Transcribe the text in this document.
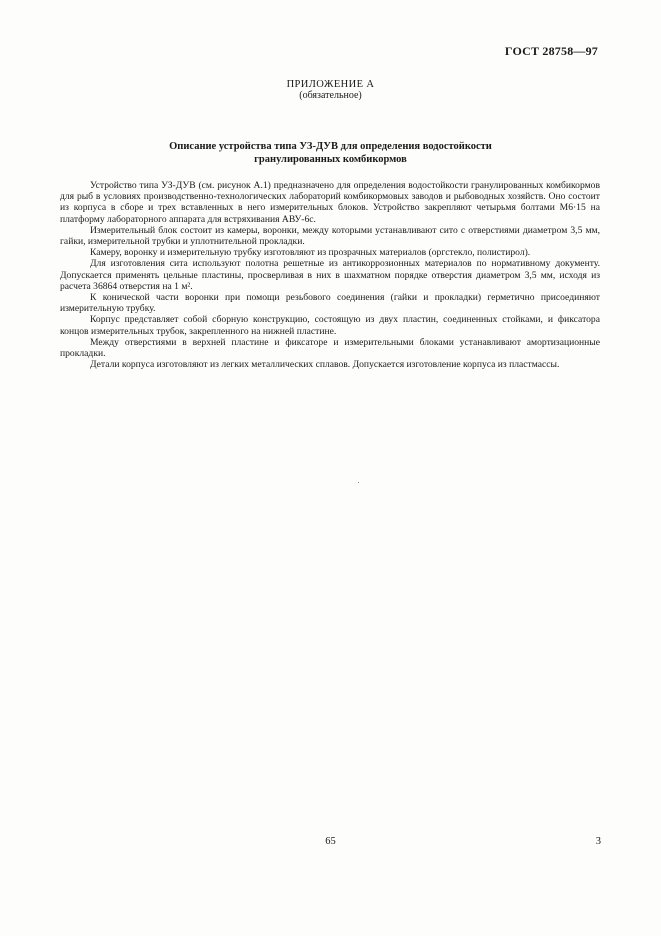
ГОСТ 28758—97
ПРИЛОЖЕНИЕ А
(обязательное)
Описание устройства типа УЗ-ДУВ для определения водостойкости
гранулированных комбикормов

Устройство типа УЗ-ДУВ (см. рисунок А.1) предназначено для определения водостойкости гранулированных комбикормов для рыб в условиях производственно-технологических лабораторий комбикормовых заводов и рыбоводных хозяйств. Оно состоит из корпуса в сборе и трех вставленных в него измерительных блоков. Устройство закрепляют четырьмя болтами М6·15 на платформу лабораторного аппарата для встряхивания АВУ-6с.

Измерительный блок состоит из камеры, воронки, между которыми устанавливают сито с отверстиями диаметром 3,5 мм, гайки, измерительной трубки и уплотнительной прокладки.

Камеру, воронку и измерительную трубку изготовляют из прозрачных материалов (оргстекло, полистирол).

Для изготовления сита используют полотна решетные из антикоррозионных материалов по нормативному документу. Допускается применять цельные пластины, просверливая в них в шахматном порядке отверстия диаметром 3,5 мм, исходя из расчета 36864 отверстия на 1 м².

К конической части воронки при помощи резьбового соединения (гайки и прокладки) герметично присоединяют измерительную трубку.

Корпус представляет собой сборную конструкцию, состоящую из двух пластин, соединенных стойками, и фиксатора концов измерительных трубок, закрепленного на нижней пластине.

Между отверстиями в верхней пластине и фиксаторе и измерительными блоками устанавливают амортизационные прокладки.

Детали корпуса изготовляют из легких металлических сплавов. Допускается изготовление корпуса из пластмассы.

65	3
